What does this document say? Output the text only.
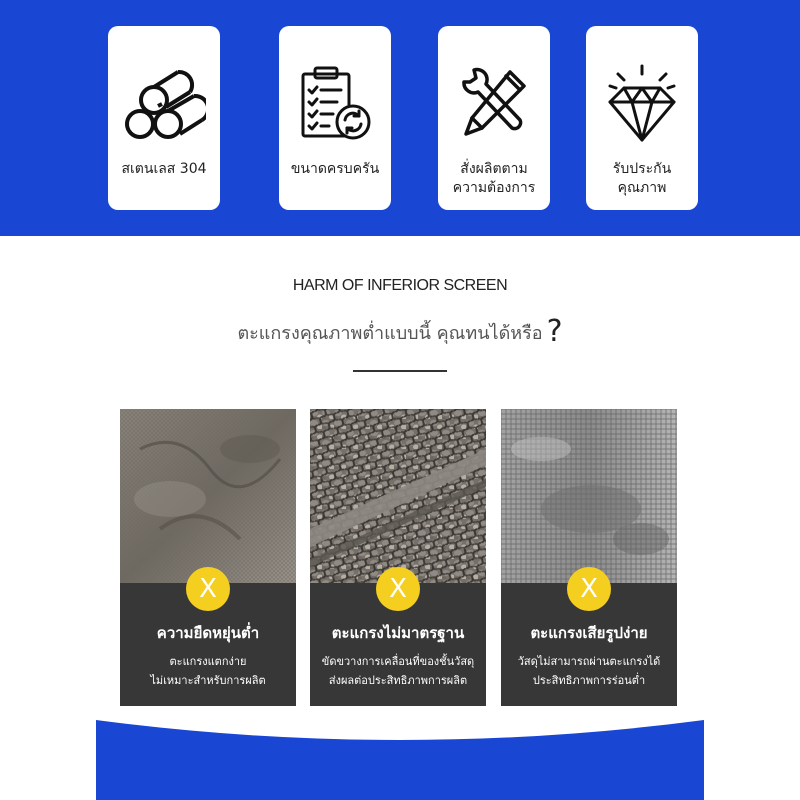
สเตนเลส 304	ขนาดครบครัน	สั่งผลิตตาม
ความต้องการ
รับประกัน
คุณภาพ
HARM OF INFERIOR SCREEN
ตะแกรงคุณภาพต่ำแบบนี้ คุณทนได้หรือ ?
X
ความยืดหยุ่นต่ำ
ตะแกรงแตกง่าย
ไม่เหมาะสำหรับการผลิต
X
ตะแกรงไม่มาตรฐาน
ขัดขวางการเคลื่อนที่ของชั้นวัสดุ
ส่งผลต่อประสิทธิภาพการผลิต
X
ตะแกรงเสียรูปง่าย
วัสดุไม่สามารถผ่านตะแกรงได้
ประสิทธิภาพการร่อนต่ำ
